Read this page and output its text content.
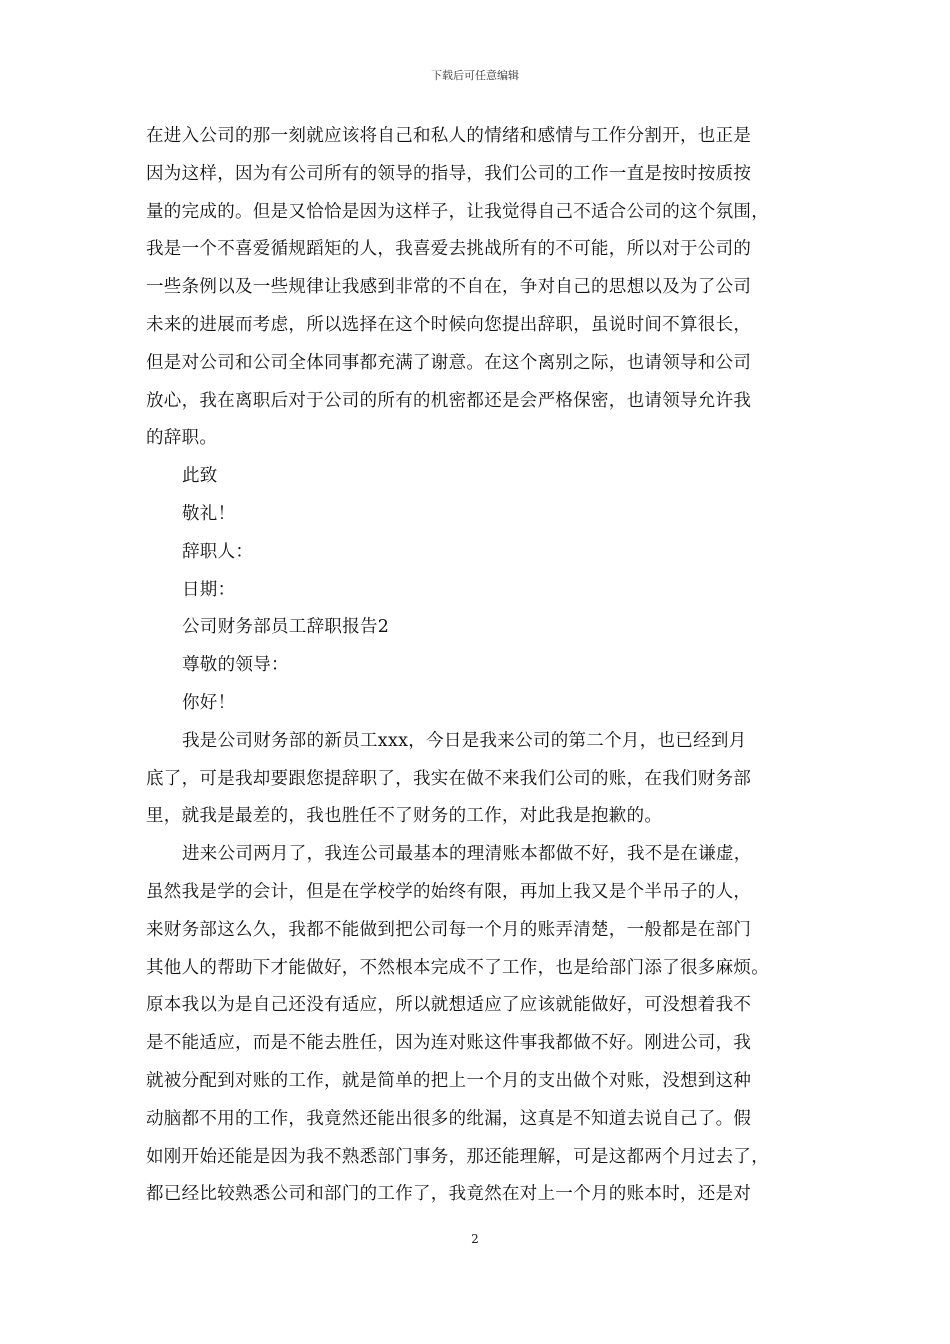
下载后可任意编辑
在进入公司的那一刻就应该将自己和私人的情绪和感情与工作分割开，也正是
因为这样，因为有公司所有的领导的指导，我们公司的工作一直是按时按质按
量的完成的。但是又恰恰是因为这样子，让我觉得自己不适合公司的这个氛围，
我是一个不喜爱循规蹈矩的人，我喜爱去挑战所有的不可能，所以对于公司的
一些条例以及一些规律让我感到非常的不自在，争对自己的思想以及为了公司
未来的进展而考虑，所以选择在这个时候向您提出辞职，虽说时间不算很长，
但是对公司和公司全体同事都充满了谢意。在这个离别之际，也请领导和公司
放心，我在离职后对于公司的所有的机密都还是会严格保密，也请领导允许我
的辞职。
此致
敬礼！
辞职人：
日期：
公司财务部员工辞职报告2
尊敬的领导：
你好！
我是公司财务部的新员工xxx，今日是我来公司的第二个月，也已经到月
底了，可是我却要跟您提辞职了，我实在做不来我们公司的账，在我们财务部
里，就我是最差的，我也胜任不了财务的工作，对此我是抱歉的。
进来公司两月了，我连公司最基本的理清账本都做不好，我不是在谦虚，
虽然我是学的会计，但是在学校学的始终有限，再加上我又是个半吊子的人，
来财务部这么久，我都不能做到把公司每一个月的账弄清楚，一般都是在部门
其他人的帮助下才能做好，不然根本完成不了工作，也是给部门添了很多麻烦。
原本我以为是自己还没有适应，所以就想适应了应该就能做好，可没想着我不
是不能适应，而是不能去胜任，因为连对账这件事我都做不好。刚进公司，我
就被分配到对账的工作，就是简单的把上一个月的支出做个对账，没想到这种
动脑都不用的工作，我竟然还能出很多的纰漏，这真是不知道去说自己了。假
如刚开始还能是因为我不熟悉部门事务，那还能理解，可是这都两个月过去了，
都已经比较熟悉公司和部门的工作了，我竟然在对上一个月的账本时，还是对
2
